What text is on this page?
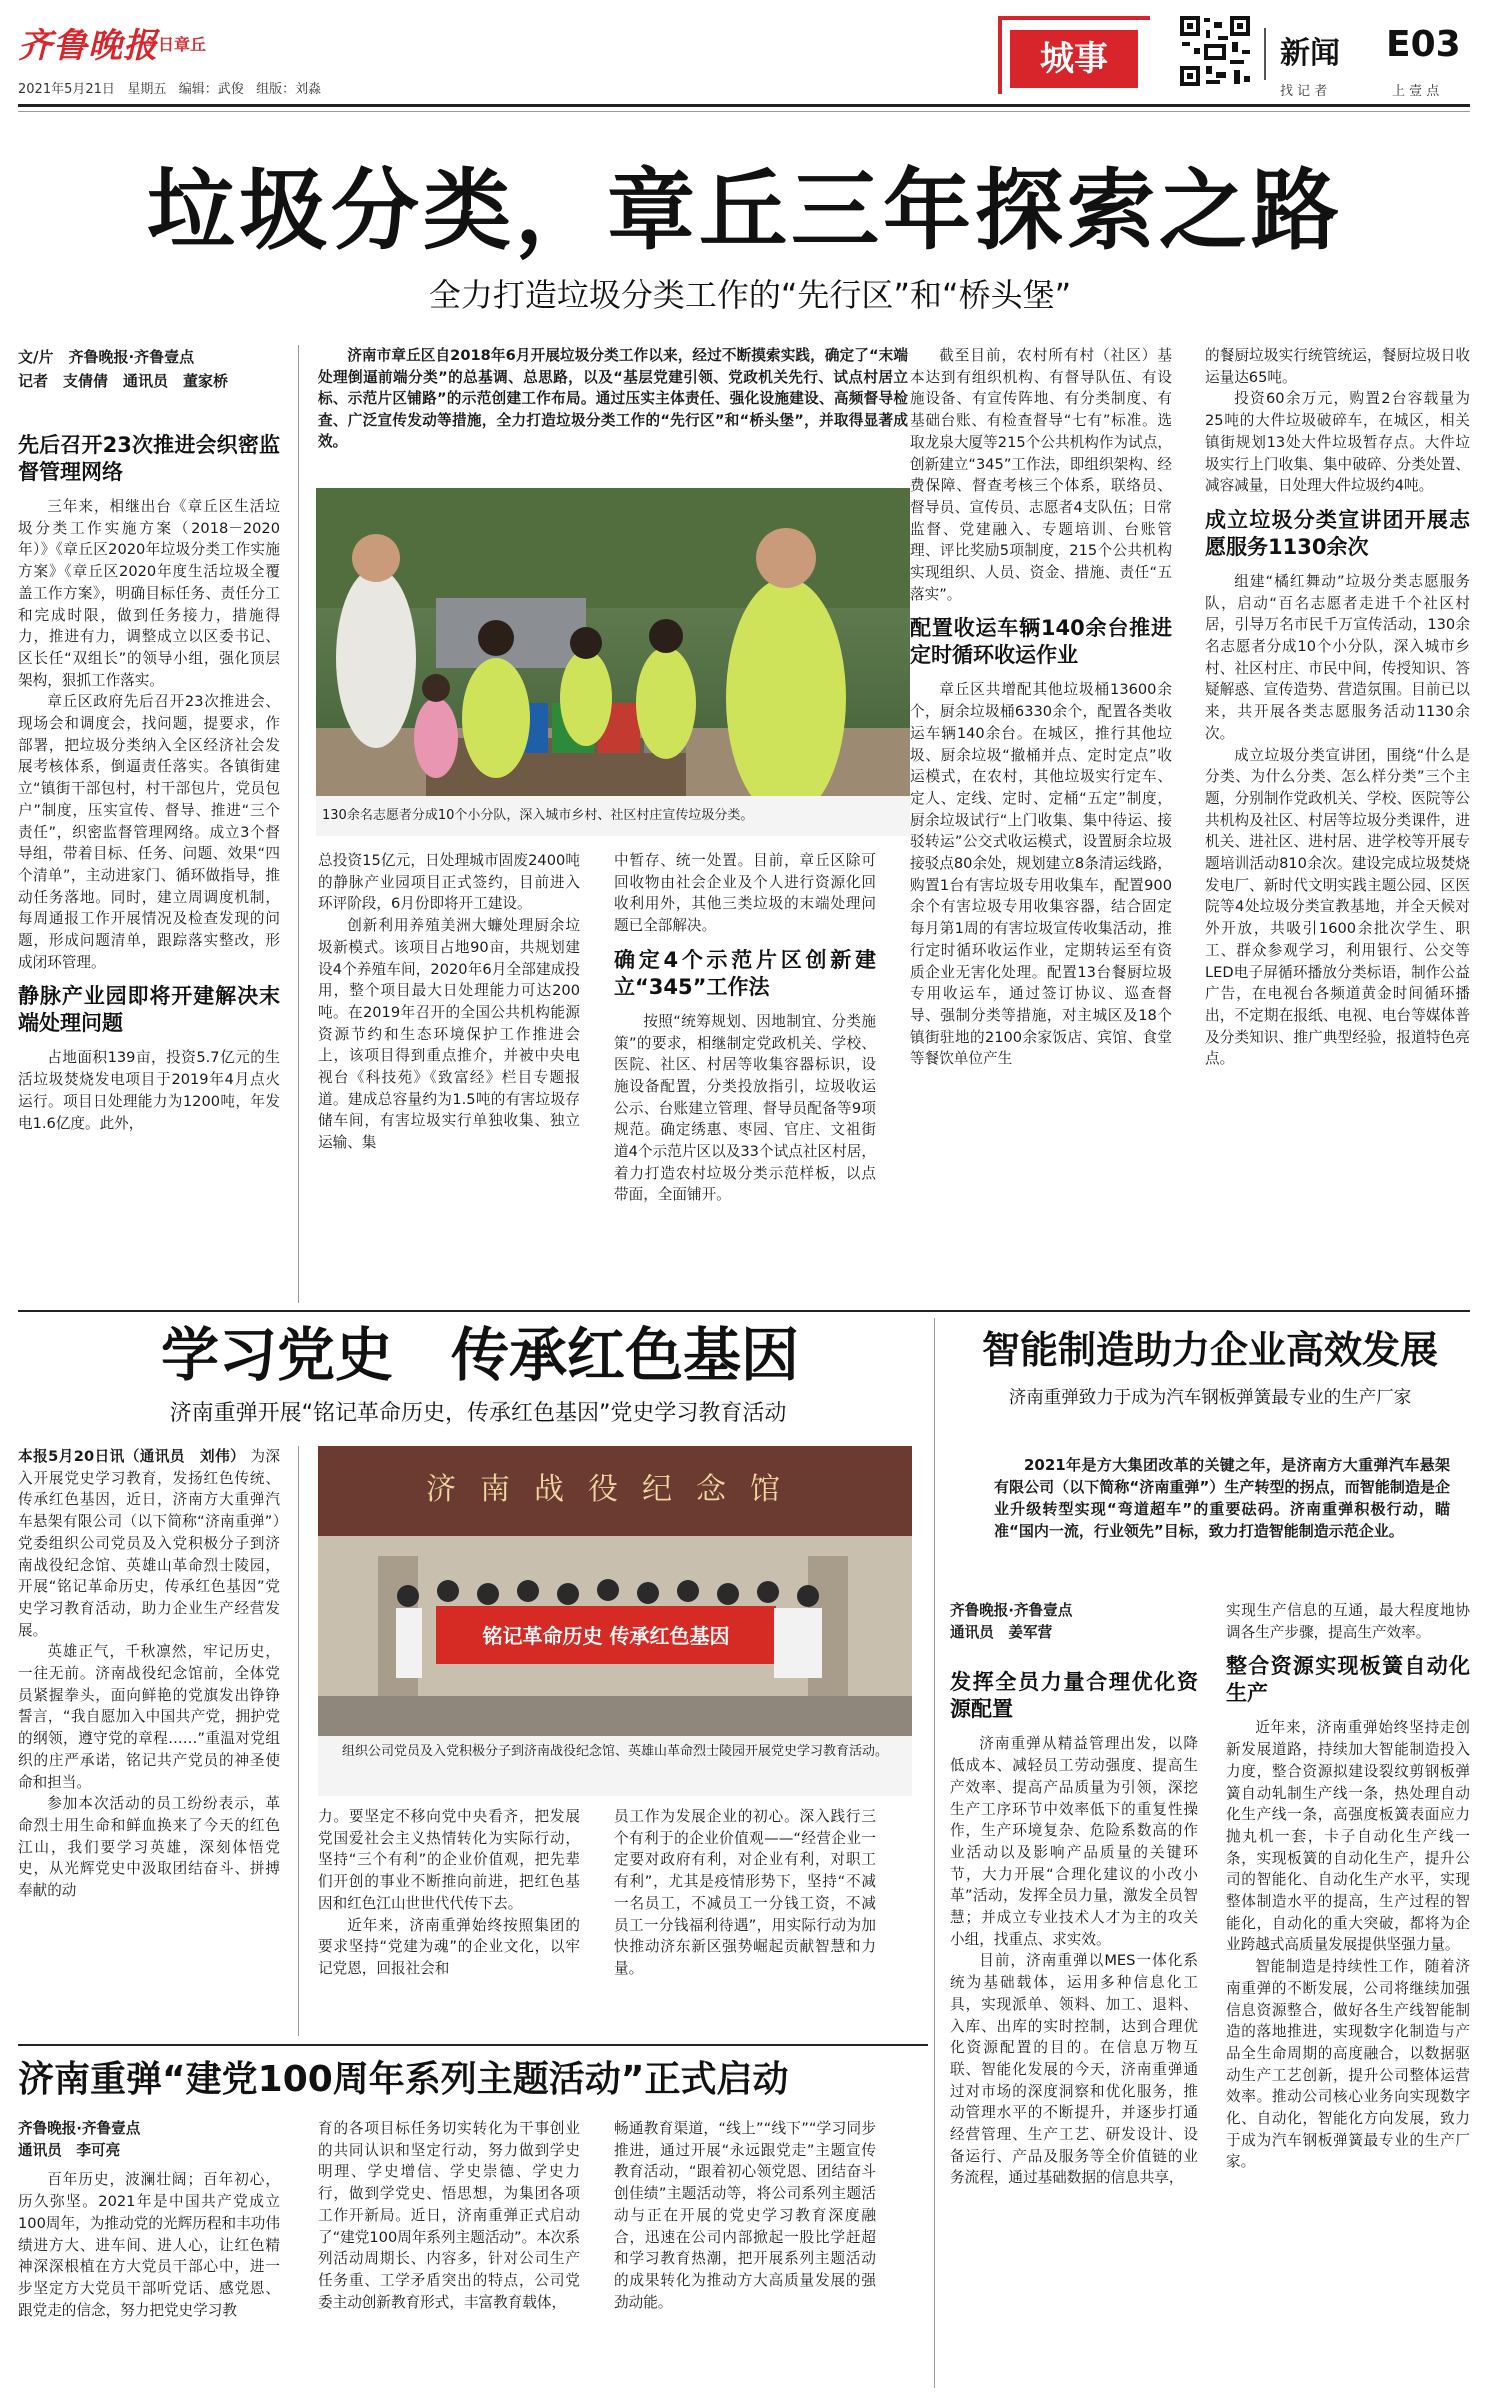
齐鲁晚报
今日章丘
2021年5月21日 星期五 编辑：武俊 组版：刘淼
城事	新闻 E03
找 记 者	上 壹 点
垃圾分类，章丘三年探索之路
全力打造垃圾分类工作的“先行区”和“桥头堡”
文/片　齐鲁晚报·齐鲁壹点
记者　支倩倩　通讯员　董家桥
济南市章丘区自2018年6月开展垃圾分类工作以来，经过不断摸索实践，确定了“末端处理倒逼前端分类”的总基调、总思路，以及“基层党建引领、党政机关先行、试点村居立标、示范片区铺路”的示范创建工作布局。通过压实主体责任、强化设施建设、高频督导检查、广泛宣传发动等措施，全力打造垃圾分类工作的“先行区”和“桥头堡”，并取得显著成效。
130余名志愿者分成10个小分队，深入城市乡村、社区村庄宣传垃圾分类。
先后召开23次推进会织密监督管理网络

三年来，相继出台《章丘区生活垃圾分类工作实施方案（2018－2020年）》《章丘区2020年垃圾分类工作实施方案》《章丘区2020年度生活垃圾全覆盖工作方案》，明确目标任务、责任分工和完成时限，做到任务接力，措施得力，推进有力，调整成立以区委书记、区长任“双组长”的领导小组，强化顶层架构，狠抓工作落实。

章丘区政府先后召开23次推进会、现场会和调度会，找问题，提要求，作部署，把垃圾分类纳入全区经济社会发展考核体系，倒逼责任落实。各镇街建立“镇街干部包村，村干部包片，党员包户”制度，压实宣传、督导、推进“三个责任”，织密监督管理网络。成立3个督导组，带着目标、任务、问题、效果“四个清单”，主动进家门、循环做指导，推动任务落地。同时，建立周调度机制，每周通报工作开展情况及检查发现的问题，形成问题清单，跟踪落实整改，形成闭环管理。

静脉产业园即将开建解决末端处理问题

占地面积139亩，投资5.7亿元的生活垃圾焚烧发电项目于2019年4月点火运行。项目日处理能力为1200吨，年发电1.6亿度。此外，

总投资15亿元，日处理城市固废2400吨的静脉产业园项目正式签约，目前进入环评阶段，6月份即将开工建设。

创新利用养殖美洲大蠊处理厨余垃圾新模式。该项目占地90亩，共规划建设4个养殖车间，2020年6月全部建成投用，整个项目最大日处理能力可达200吨。在2019年召开的全国公共机构能源资源节约和生态环境保护工作推进会上，该项目得到重点推介，并被中央电视台《科技苑》《致富经》栏目专题报道。建成总容量约为1.5吨的有害垃圾存储车间，有害垃圾实行单独收集、独立运输、集

中暂存、统一处置。目前，章丘区除可回收物由社会企业及个人进行资源化回收利用外，其他三类垃圾的末端处理问题已全部解决。

确定4个示范片区创新建立“345”工作法

按照“统筹规划、因地制宜、分类施策”的要求，相继制定党政机关、学校、医院、社区、村居等收集容器标识，设施设备配置，分类投放指引，垃圾收运公示、台账建立管理、督导员配备等9项规范。确定绣惠、枣园、官庄、文祖街道4个示范片区以及33个试点社区村居，着力打造农村垃圾分类示范样板，以点带面，全面铺开。

截至目前，农村所有村（社区）基本达到有组织机构、有督导队伍、有设施设备、有宣传阵地、有分类制度、有基础台账、有检查督导“七有”标准。选取龙泉大厦等215个公共机构作为试点，创新建立“345”工作法，即组织架构、经费保障、督查考核三个体系，联络员、督导员、宣传员、志愿者4支队伍；日常监督、党建融入、专题培训、台账管理、评比奖励5项制度，215个公共机构实现组织、人员、资金、措施、责任“五落实”。

配置收运车辆140余台推进定时循环收运作业

章丘区共增配其他垃圾桶13600余个，厨余垃圾桶6330余个，配置各类收运车辆140余台。在城区，推行其他垃圾、厨余垃圾“撤桶并点、定时定点”收运模式，在农村，其他垃圾实行定车、定人、定线、定时、定桶“五定”制度，厨余垃圾试行“上门收集、集中待运、接驳转运”公交式收运模式，设置厨余垃圾接驳点80余处，规划建立8条清运线路，购置1台有害垃圾专用收集车，配置900余个有害垃圾专用收集容器，结合固定每月第1周的有害垃圾宣传收集活动，推行定时循环收运作业，定期转运至有资质企业无害化处理。配置13台餐厨垃圾专用收运车，通过签订协议、巡查督导、强制分类等措施，对主城区及18个镇街驻地的2100余家饭店、宾馆、食堂等餐饮单位产生

的餐厨垃圾实行统管统运，餐厨垃圾日收运量达65吨。

投资60余万元，购置2台容载量为25吨的大件垃圾破碎车，在城区，相关镇街规划13处大件垃圾暂存点。大件垃圾实行上门收集、集中破碎、分类处置、减容减量，日处理大件垃圾约4吨。

成立垃圾分类宣讲团开展志愿服务1130余次

组建“橘红舞动”垃圾分类志愿服务队，启动“百名志愿者走进千个社区村居，引导万名市民千万宣传活动，130余名志愿者分成10个小分队，深入城市乡村、社区村庄、市民中间，传授知识、答疑解惑、宣传造势、营造氛围。目前已以来，共开展各类志愿服务活动1130余次。

成立垃圾分类宣讲团，围绕“什么是分类、为什么分类、怎么样分类”三个主题，分别制作党政机关、学校、医院等公共机构及社区、村居等垃圾分类课件，进机关、进社区、进村居、进学校等开展专题培训活动810余次。建设完成垃圾焚烧发电厂、新时代文明实践主题公园、区医院等4处垃圾分类宣教基地，并全天候对外开放，共吸引1600余批次学生、职工、群众参观学习，利用银行、公交等LED电子屏循环播放分类标语，制作公益广告，在电视台各频道黄金时间循环播出，不定期在报纸、电视、电台等媒体普及分类知识、推广典型经验，报道特色亮点。

学习党史　传承红色基因
济南重弹开展“铭记革命历史，传承红色基因”党史学习教育活动
济南战役纪念馆
铭记革命历史 传承红色基因
组织公司党员及入党积极分子到济南战役纪念馆、英雄山革命烈士陵园开展党史学习教育活动。

本报5月20日讯（通讯员　刘伟） 为深入开展党史学习教育，发扬红色传统、传承红色基因，近日，济南方大重弹汽车悬架有限公司（以下简称“济南重弹”）党委组织公司党员及入党积极分子到济南战役纪念馆、英雄山革命烈士陵园，开展“铭记革命历史，传承红色基因”党史学习教育活动，助力企业生产经营发展。

英雄正气，千秋凛然，牢记历史，一往无前。济南战役纪念馆前，全体党员紧握拳头，面向鲜艳的党旗发出铮铮誓言，“我自愿加入中国共产党，拥护党的纲领，遵守党的章程……”重温对党组织的庄严承诺，铭记共产党员的神圣使命和担当。

参加本次活动的员工纷纷表示，革命烈士用生命和鲜血换来了今天的红色江山，我们要学习英雄，深刻体悟党史，从光辉党史中汲取团结奋斗、拼搏奉献的动

力。要坚定不移向党中央看齐，把发展党国爱社会主义热情转化为实际行动，坚持“三个有利”的企业价值观，把先辈们开创的事业不断推向前进，把红色基因和红色江山世世代代传下去。

近年来，济南重弹始终按照集团的要求坚持“党建为魂”的企业文化，以牢记党恩，回报社会和

员工作为发展企业的初心。深入践行三个有利于的企业价值观——“经营企业一定要对政府有利，对企业有利，对职工有利”，尤其是疫情形势下，坚持“不减一名员工，不减员工一分钱工资，不减员工一分钱福利待遇”，用实际行动为加快推动济东新区强势崛起贡献智慧和力量。

济南重弹“建党100周年系列主题活动”正式启动
齐鲁晚报·齐鲁壹点
通讯员　李可亮

百年历史，波澜壮阔；百年初心，历久弥坚。2021年是中国共产党成立100周年，为推动党的光辉历程和丰功伟绩进方大、进车间、进人心，让红色精神深深根植在方大党员干部心中，进一步坚定方大党员干部听党话、感党恩、跟党走的信念，努力把党史学习教

育的各项目标任务切实转化为干事创业的共同认识和坚定行动，努力做到学史明理、学史增信、学史崇德、学史力行，做到学党史、悟思想，为集团各项工作开新局。近日，济南重弹正式启动了“建党100周年系列主题活动”。本次系列活动周期长、内容多，针对公司生产任务重、工学矛盾突出的特点，公司党委主动创新教育形式，丰富教育载体，

畅通教育渠道，“线上”“线下”“学习同步推进，通过开展“永远跟党走”主题宣传教育活动，“跟着初心领党恩、团结奋斗创佳绩”主题活动等，将公司系列主题活动与正在开展的党史学习教育深度融合，迅速在公司内部掀起一股比学赶超和学习教育热潮，把开展系列主题活动的成果转化为推动方大高质量发展的强劲动能。

智能制造助力企业高效发展
济南重弹致力于成为汽车钢板弹簧最专业的生产厂家
2021年是方大集团改革的关键之年，是济南方大重弹汽车悬架有限公司（以下简称“济南重弹”）生产转型的拐点，而智能制造是企业升级转型实现“弯道超车”的重要砝码。济南重弹积极行动，瞄准“国内一流，行业领先”目标，致力打造智能制造示范企业。
齐鲁晚报·齐鲁壹点
通讯员　姜军营
发挥全员力量合理优化资源配置

济南重弹从精益管理出发，以降低成本、减轻员工劳动强度、提高生产效率、提高产品质量为引领，深挖生产工序环节中效率低下的重复性操作，生产环境复杂、危险系数高的作业活动以及影响产品质量的关键环节，大力开展“合理化建议的小改小革”活动，发挥全员力量，激发全员智慧；并成立专业技术人才为主的攻关小组，找重点、求实效。

目前，济南重弹以MES一体化系统为基础载体，运用多种信息化工具，实现派单、领料、加工、退料、入库、出库的实时控制，达到合理优化资源配置的目的。在信息万物互联、智能化发展的今天，济南重弹通过对市场的深度洞察和优化服务，推动管理水平的不断提升，并逐步打通经营管理、生产工艺、研发设计、设备运行、产品及服务等全价值链的业务流程，通过基础数据的信息共享，

实现生产信息的互通，最大程度地协调各生产步骤，提高生产效率。

整合资源实现板簧自动化生产

近年来，济南重弹始终坚持走创新发展道路，持续加大智能制造投入力度，整合资源拟建设裂纹剪钢板弹簧自动轧制生产线一条，热处理自动化生产线一条，高强度板簧表面应力抛丸机一套，卡子自动化生产线一条，实现板簧的自动化生产，提升公司的智能化、自动化生产水平，实现整体制造水平的提高，生产过程的智能化，自动化的重大突破，都将为企业跨越式高质量发展提供坚强力量。

智能制造是持续性工作，随着济南重弹的不断发展，公司将继续加强信息资源整合，做好各生产线智能制造的落地推进，实现数字化制造与产品全生命周期的高度融合，以数据驱动生产工艺创新，提升公司整体运营效率。推动公司核心业务向实现数字化、自动化，智能化方向发展，致力于成为汽车钢板弹簧最专业的生产厂家。
